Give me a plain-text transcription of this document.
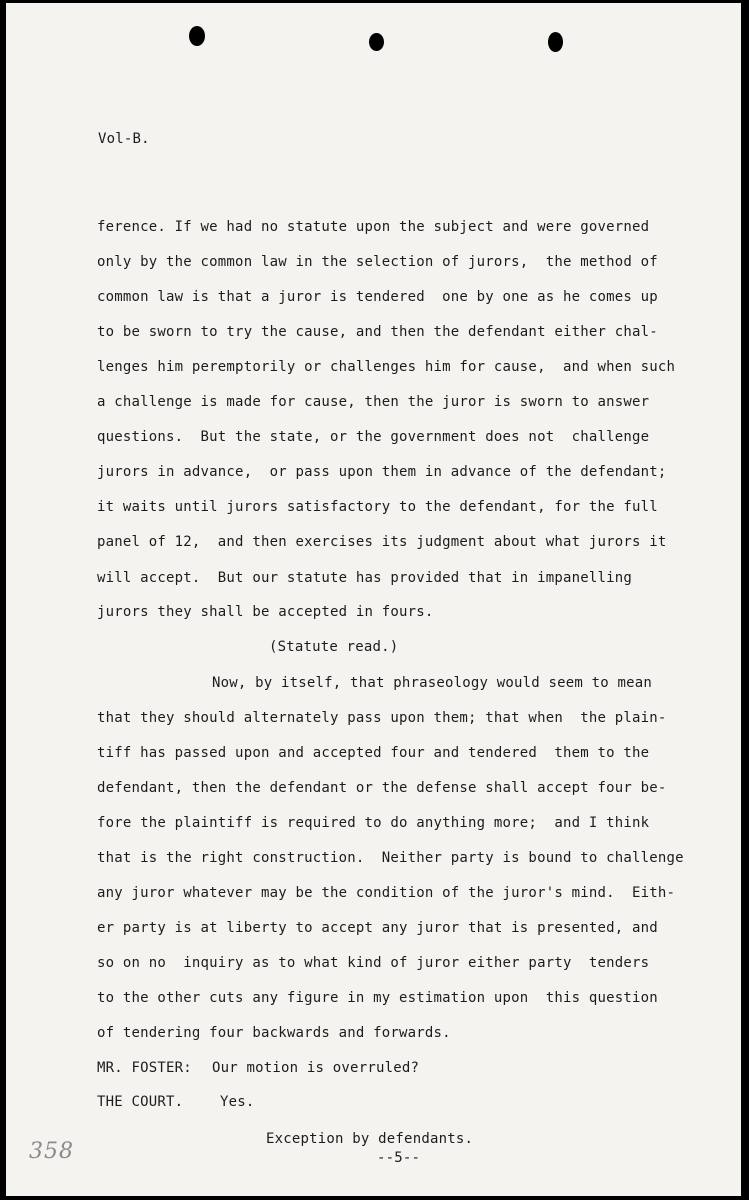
Vol-B.
ference. If we had no statute upon the subject and were governed
only by the common law in the selection of jurors,  the method of
common law is that a juror is tendered  one by one as he comes up
to be sworn to try the cause, and then the defendant either chal-
lenges him peremptorily or challenges him for cause,  and when such
a challenge is made for cause, then the juror is sworn to answer
questions.  But the state, or the government does not  challenge
jurors in advance,  or pass upon them in advance of the defendant;
it waits until jurors satisfactory to the defendant, for the full
panel of 12,  and then exercises its judgment about what jurors it
will accept.  But our statute has provided that in impanelling
jurors they shall be accepted in fours.
(Statute read.)
Now, by itself, that phraseology would seem to mean
that they should alternately pass upon them; that when  the plain-
tiff has passed upon and accepted four and tendered  them to the
defendant, then the defendant or the defense shall accept four be-
fore the plaintiff is required to do anything more;  and I think
that is the right construction.  Neither party is bound to challenge
any juror whatever may be the condition of the juror's mind.  Eith-
er party is at liberty to accept any juror that is presented, and
so on no  inquiry as to what kind of juror either party  tenders
to the other cuts any figure in my estimation upon  this question
of tendering four backwards and forwards.
MR. FOSTER: Our motion is overruled?
THE COURT.	Yes.
Exception by defendants.
--5--
358
